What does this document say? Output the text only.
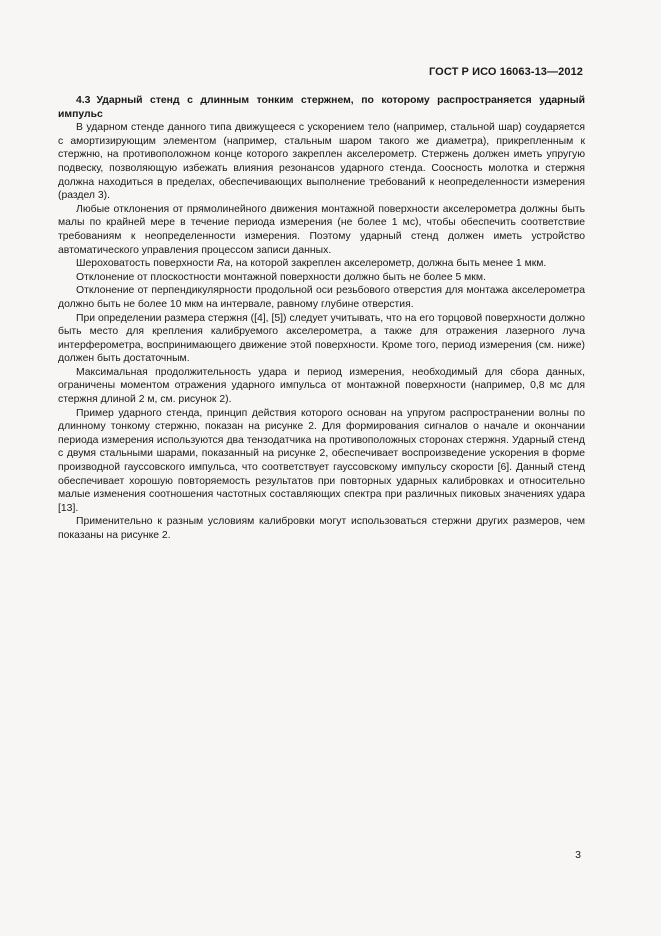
ГОСТ Р ИСО 16063-13—2012

4.3 Ударный стенд с длинным тонким стержнем, по которому распространяется ударный импульс

В ударном стенде данного типа движущееся с ускорением тело (например, стальной шар) соударяется с амортизирующим элементом (например, стальным шаром такого же диаметра), прикрепленным к стержню, на противоположном конце которого закреплен акселерометр. Стержень должен иметь упругую подвеску, позволяющую избежать влияния резонансов ударного стенда. Соосность молотка и стержня должна находиться в пределах, обеспечивающих выполнение требований к неопределенности измерения (раздел 3).

Любые отклонения от прямолинейного движения монтажной поверхности акселерометра должны быть малы по крайней мере в течение периода измерения (не более 1 мс), чтобы обеспечить соответствие требованиям к неопределенности измерения. Поэтому ударный стенд должен иметь устройство автоматического управления процессом записи данных.

Шероховатость поверхности Ra, на которой закреплен акселерометр, должна быть менее 1 мкм.

Отклонение от плоскостности монтажной поверхности должно быть не более 5 мкм.

Отклонение от перпендикулярности продольной оси резьбового отверстия для монтажа акселерометра должно быть не более 10 мкм на интервале, равному глубине отверстия.

При определении размера стержня ([4], [5]) следует учитывать, что на его торцовой поверхности должно быть место для крепления калибруемого акселерометра, а также для отражения лазерного луча интерферометра, воспринимающего движение этой поверхности. Кроме того, период измерения (см. ниже) должен быть достаточным.

Максимальная продолжительность удара и период измерения, необходимый для сбора данных, ограничены моментом отражения ударного импульса от монтажной поверхности (например, 0,8 мс для стержня длиной 2 м, см. рисунок 2).

Пример ударного стенда, принцип действия которого основан на упругом распространении волны по длинному тонкому стержню, показан на рисунке 2. Для формирования сигналов о начале и окончании периода измерения используются два тензодатчика на противоположных сторонах стержня. Ударный стенд с двумя стальными шарами, показанный на рисунке 2, обеспечивает воспроизведение ускорения в форме производной гауссовского импульса, что соответствует гауссовскому импульсу скорости [6]. Данный стенд обеспечивает хорошую повторяемость результатов при повторных ударных калибровках и относительно малые изменения соотношения частотных составляющих спектра при различных пиковых значениях удара [13].

Применительно к разным условиям калибровки могут использоваться стержни других размеров, чем показаны на рисунке 2.

3
